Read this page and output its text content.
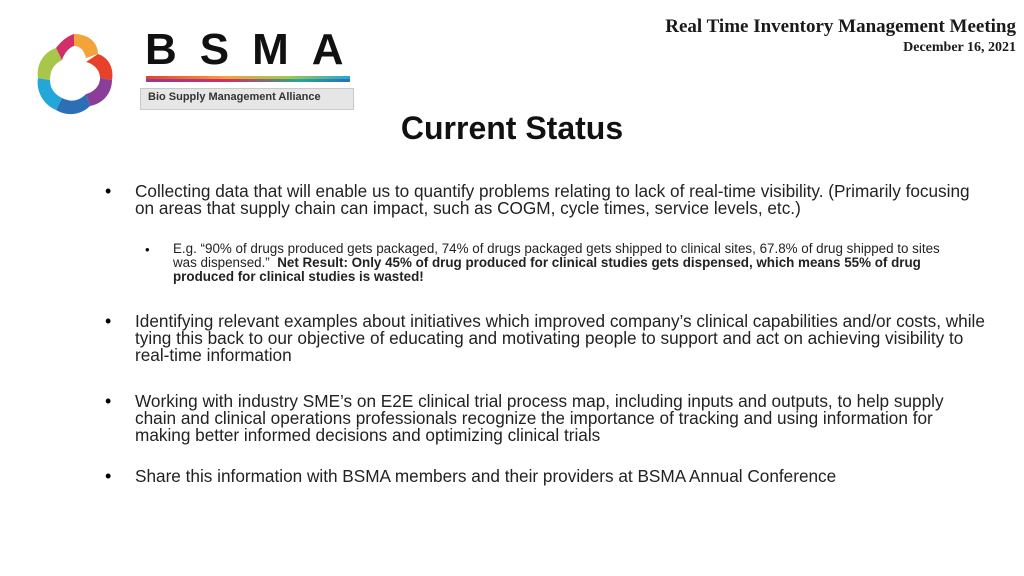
BSMA
Bio Supply Management Alliance
Real Time Inventory Management Meeting
December 16, 2021
Current Status
• Collecting data that will enable us to quantify problems relating to lack of real-time visibility. (Primarily focusing on areas that supply chain can impact, such as COGM, cycle times, service levels, etc.)
• E.g. “90% of drugs produced gets packaged, 74% of drugs packaged gets shipped to clinical sites, 67.8% of drug shipped to sites was dispensed.” Net Result: Only 45% of drug produced for clinical studies gets dispensed, which means 55% of drug produced for clinical studies is wasted!
• Identifying relevant examples about initiatives which improved company’s clinical capabilities and/or costs, while tying this back to our objective of educating and motivating people to support and act on achieving visibility to real-time information
• Working with industry SME’s on E2E clinical trial process map, including inputs and outputs, to help supply chain and clinical operations professionals recognize the importance of tracking and using information for making better informed decisions and optimizing clinical trials
• Share this information with BSMA members and their providers at BSMA Annual Conference
